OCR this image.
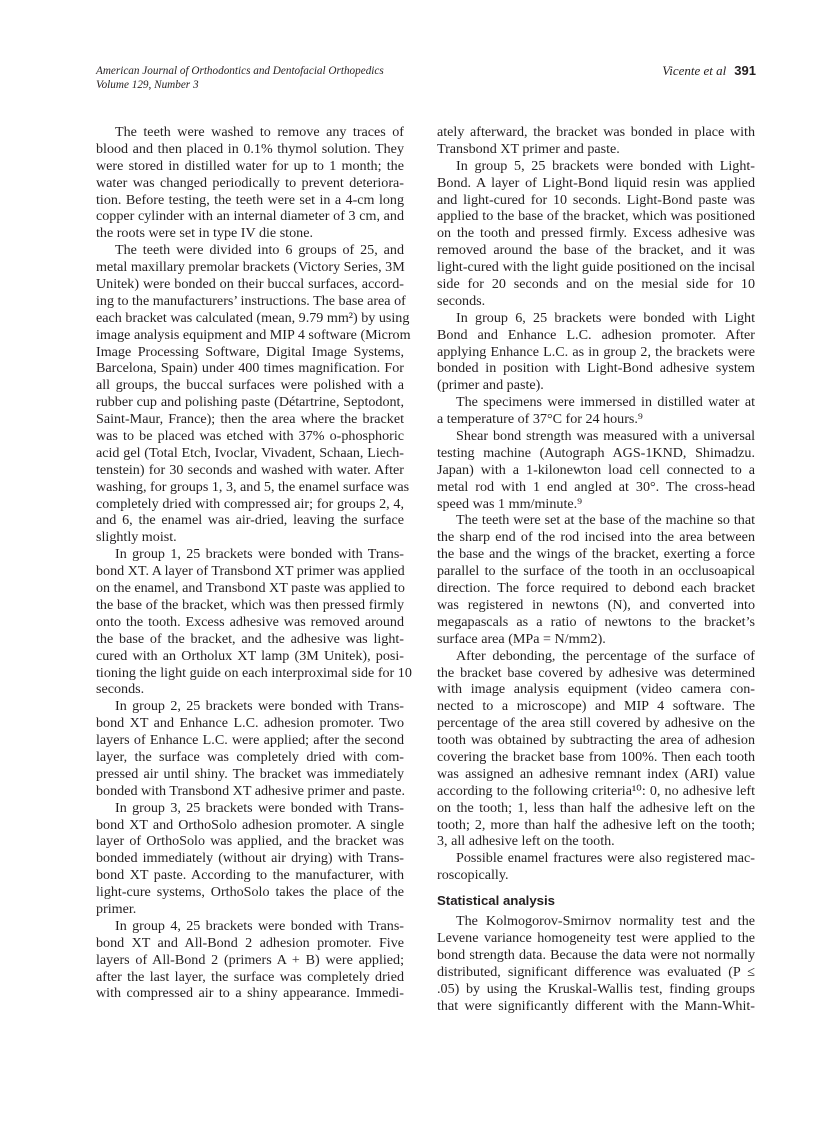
American Journal of Orthodontics and Dentofacial Orthopedics
Volume 129, Number 3
Vicente et al 391
The teeth were washed to remove any traces of
blood and then placed in 0.1% thymol solution. They
were stored in distilled water for up to 1 month; the
water was changed periodically to prevent deteriora-
tion. Before testing, the teeth were set in a 4-cm long
copper cylinder with an internal diameter of 3 cm, and
the roots were set in type IV die stone.
The teeth were divided into 6 groups of 25, and
metal maxillary premolar brackets (Victory Series, 3M
Unitek) were bonded on their buccal surfaces, accord-
ing to the manufacturers’ instructions. The base area of
each bracket was calculated (mean, 9.79 mm²) by using
image analysis equipment and MIP 4 software (Microm
Image Processing Software, Digital Image Systems,
Barcelona, Spain) under 400 times magnification. For
all groups, the buccal surfaces were polished with a
rubber cup and polishing paste (Détartrine, Septodont,
Saint-Maur, France); then the area where the bracket
was to be placed was etched with 37% o-phosphoric
acid gel (Total Etch, Ivoclar, Vivadent, Schaan, Liech-
tenstein) for 30 seconds and washed with water. After
washing, for groups 1, 3, and 5, the enamel surface was
completely dried with compressed air; for groups 2, 4,
and 6, the enamel was air-dried, leaving the surface
slightly moist.
In group 1, 25 brackets were bonded with Trans-
bond XT. A layer of Transbond XT primer was applied
on the enamel, and Transbond XT paste was applied to
the base of the bracket, which was then pressed firmly
onto the tooth. Excess adhesive was removed around
the base of the bracket, and the adhesive was light-
cured with an Ortholux XT lamp (3M Unitek), posi-
tioning the light guide on each interproximal side for 10
seconds.
In group 2, 25 brackets were bonded with Trans-
bond XT and Enhance L.C. adhesion promoter. Two
layers of Enhance L.C. were applied; after the second
layer, the surface was completely dried with com-
pressed air until shiny. The bracket was immediately
bonded with Transbond XT adhesive primer and paste.
In group 3, 25 brackets were bonded with Trans-
bond XT and OrthoSolo adhesion promoter. A single
layer of OrthoSolo was applied, and the bracket was
bonded immediately (without air drying) with Trans-
bond XT paste. According to the manufacturer, with
light-cure systems, OrthoSolo takes the place of the
primer.
In group 4, 25 brackets were bonded with Trans-
bond XT and All-Bond 2 adhesion promoter. Five
layers of All-Bond 2 (primers A + B) were applied;
after the last layer, the surface was completely dried
with compressed air to a shiny appearance. Immedi-
ately afterward, the bracket was bonded in place with
Transbond XT primer and paste.
In group 5, 25 brackets were bonded with Light-
Bond. A layer of Light-Bond liquid resin was applied
and light-cured for 10 seconds. Light-Bond paste was
applied to the base of the bracket, which was positioned
on the tooth and pressed firmly. Excess adhesive was
removed around the base of the bracket, and it was
light-cured with the light guide positioned on the incisal
side for 20 seconds and on the mesial side for 10
seconds.
In group 6, 25 brackets were bonded with Light
Bond and Enhance L.C. adhesion promoter. After
applying Enhance L.C. as in group 2, the brackets were
bonded in position with Light-Bond adhesive system
(primer and paste).
The specimens were immersed in distilled water at
a temperature of 37°C for 24 hours.⁹
Shear bond strength was measured with a universal
testing machine (Autograph AGS-1KND, Shimadzu.
Japan) with a 1-kilonewton load cell connected to a
metal rod with 1 end angled at 30°. The cross-head
speed was 1 mm/minute.⁹
The teeth were set at the base of the machine so that
the sharp end of the rod incised into the area between
the base and the wings of the bracket, exerting a force
parallel to the surface of the tooth in an occlusoapical
direction. The force required to debond each bracket
was registered in newtons (N), and converted into
megapascals as a ratio of newtons to the bracket’s
surface area (MPa = N/mm2).
After debonding, the percentage of the surface of
the bracket base covered by adhesive was determined
with image analysis equipment (video camera con-
nected to a microscope) and MIP 4 software. The
percentage of the area still covered by adhesive on the
tooth was obtained by subtracting the area of adhesion
covering the bracket base from 100%. Then each tooth
was assigned an adhesive remnant index (ARI) value
according to the following criteria¹⁰: 0, no adhesive left
on the tooth; 1, less than half the adhesive left on the
tooth; 2, more than half the adhesive left on the tooth;
3, all adhesive left on the tooth.
Possible enamel fractures were also registered mac-
roscopically.
Statistical analysis
The Kolmogorov-Smirnov normality test and the
Levene variance homogeneity test were applied to the
bond strength data. Because the data were not normally
distributed, significant difference was evaluated (P ≤
.05) by using the Kruskal-Wallis test, finding groups
that were significantly different with the Mann-Whit-
